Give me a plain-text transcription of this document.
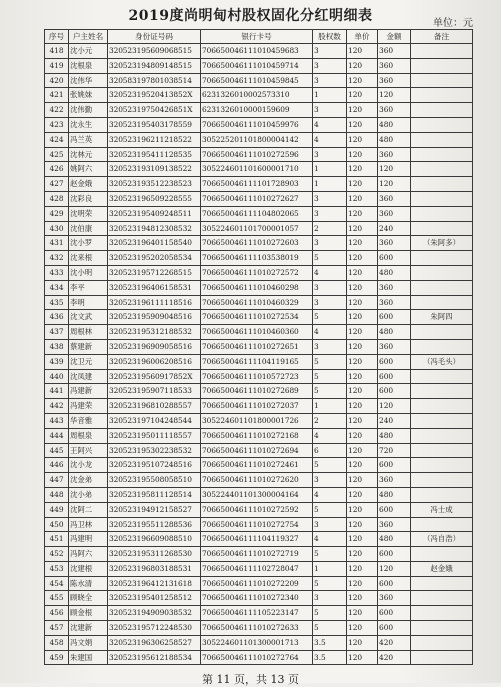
2019度尚明甸村股权固化分红明细表	单位：元
序号	户主姓名	身份证号码	银行卡号	股权数	单价	金额	备注
418	沈小元	320523195609068515	706650046111010459683	3	120	360	
419	沈根泉	320523194809148515	706650046111010459714	3	120	360	
420	沈伟华	320583197801038514	706650046111010459845	3	120	360	
421	张姚妹	32052319520413852X	6231326010002573310	1	120	120	
422	沈伟勤	32052319750426851X	6231326010000159609	3	120	360	
423	沈永生	320523195403178559	706650046111010459976	4	120	480	
424	冯兰英	320523196211218522	305225201101800004142	4	120	480	
425	沈林元	320523195411128535	706650046111010272596	3	120	360	
426	姚阿六	320523193109138522	305224601101600001710	1	120	120	
427	赵金娥	320523193512238523	706650046111101728903	1	120	120	
428	沈彩良	320523196509228555	706650046111010272627	3	120	360	
429	沈明荣	320523195409248511	706650046111104802065	3	120	360	
430	沈伯康	320523194812308532	305224601101700001057	2	120	240	
431	沈小罗	320523196401158540	706650046111010272603	3	120	360	（朱阿多）
432	沈来根	320523195202058534	706650046111103538019	5	120	600	
433	沈小明	320523195712268515	706650046111010272572	4	120	480	
434	李平	320523196406158531	706650046111010460298	3	120	360	
435	李明	320523196111118516	706650046111010460329	3	120	360	
436	沈文武	320523195909048516	706650046111010272534	5	120	600	朱阿四
437	周根林	320523195312188532	706650046111010460360	4	120	480	
438	蔡建新	320523196909058516	706650046111010272651	3	120	360	
439	沈卫元	320523196006208516	706650046111104119165	5	120	600	（冯毛头）
440	沈凤建	32052319560917852X	706650046111010572723	5	120	600	
441	冯建新	320523195907118533	706650046111010272689	5	120	600	
442	冯建荣	320523196810288557	706650046111010272037	1	120	120	
443	华音雅	320523197104248544	305224601101800001726	2	120	240	
444	周根泉	320523195011118557	706650046111010272168	4	120	480	
445	王阿兴	320523195302238532	706650046111010272694	6	120	720	
446	沈小龙	320523195107248516	706650046111010272461	5	120	600	
447	沈金弟	320523195508058510	706650046111010272620	3	120	360	
448	沈小弟	320523195811128514	305224401101300004164	4	120	480	
449	沈阿二	320523194912158527	706650046111010272592	5	120	600	冯士成
450	冯卫林	320523195511288536	706650046111010272754	3	120	360	
451	冯建明	320523196609088510	706650046111104119327	4	120	480	（冯自浩）
452	冯阿六	320523195311268530	706650046111010272719	5	120	600	
453	沈建根	320523196803188531	706650046111102728047	1	120	120	赵金娥
454	陈水清	320523196412131618	706650046111010272209	5	120	600	
455	顾晓全	320523195401258512	706650046111010272340	3	120	360	
456	顾金根	320523194909038532	706650046111105223147	5	120	600	
457	沈建新	320523195712248530	706650046111010272633	5	120	600	
458	冯文娟	320523196306258527	305224601101300001713	3.5	120	420	
459	朱建国	320523195612188534	706650046111010272764	3.5	120	420	
第 11 页，共 13 页
